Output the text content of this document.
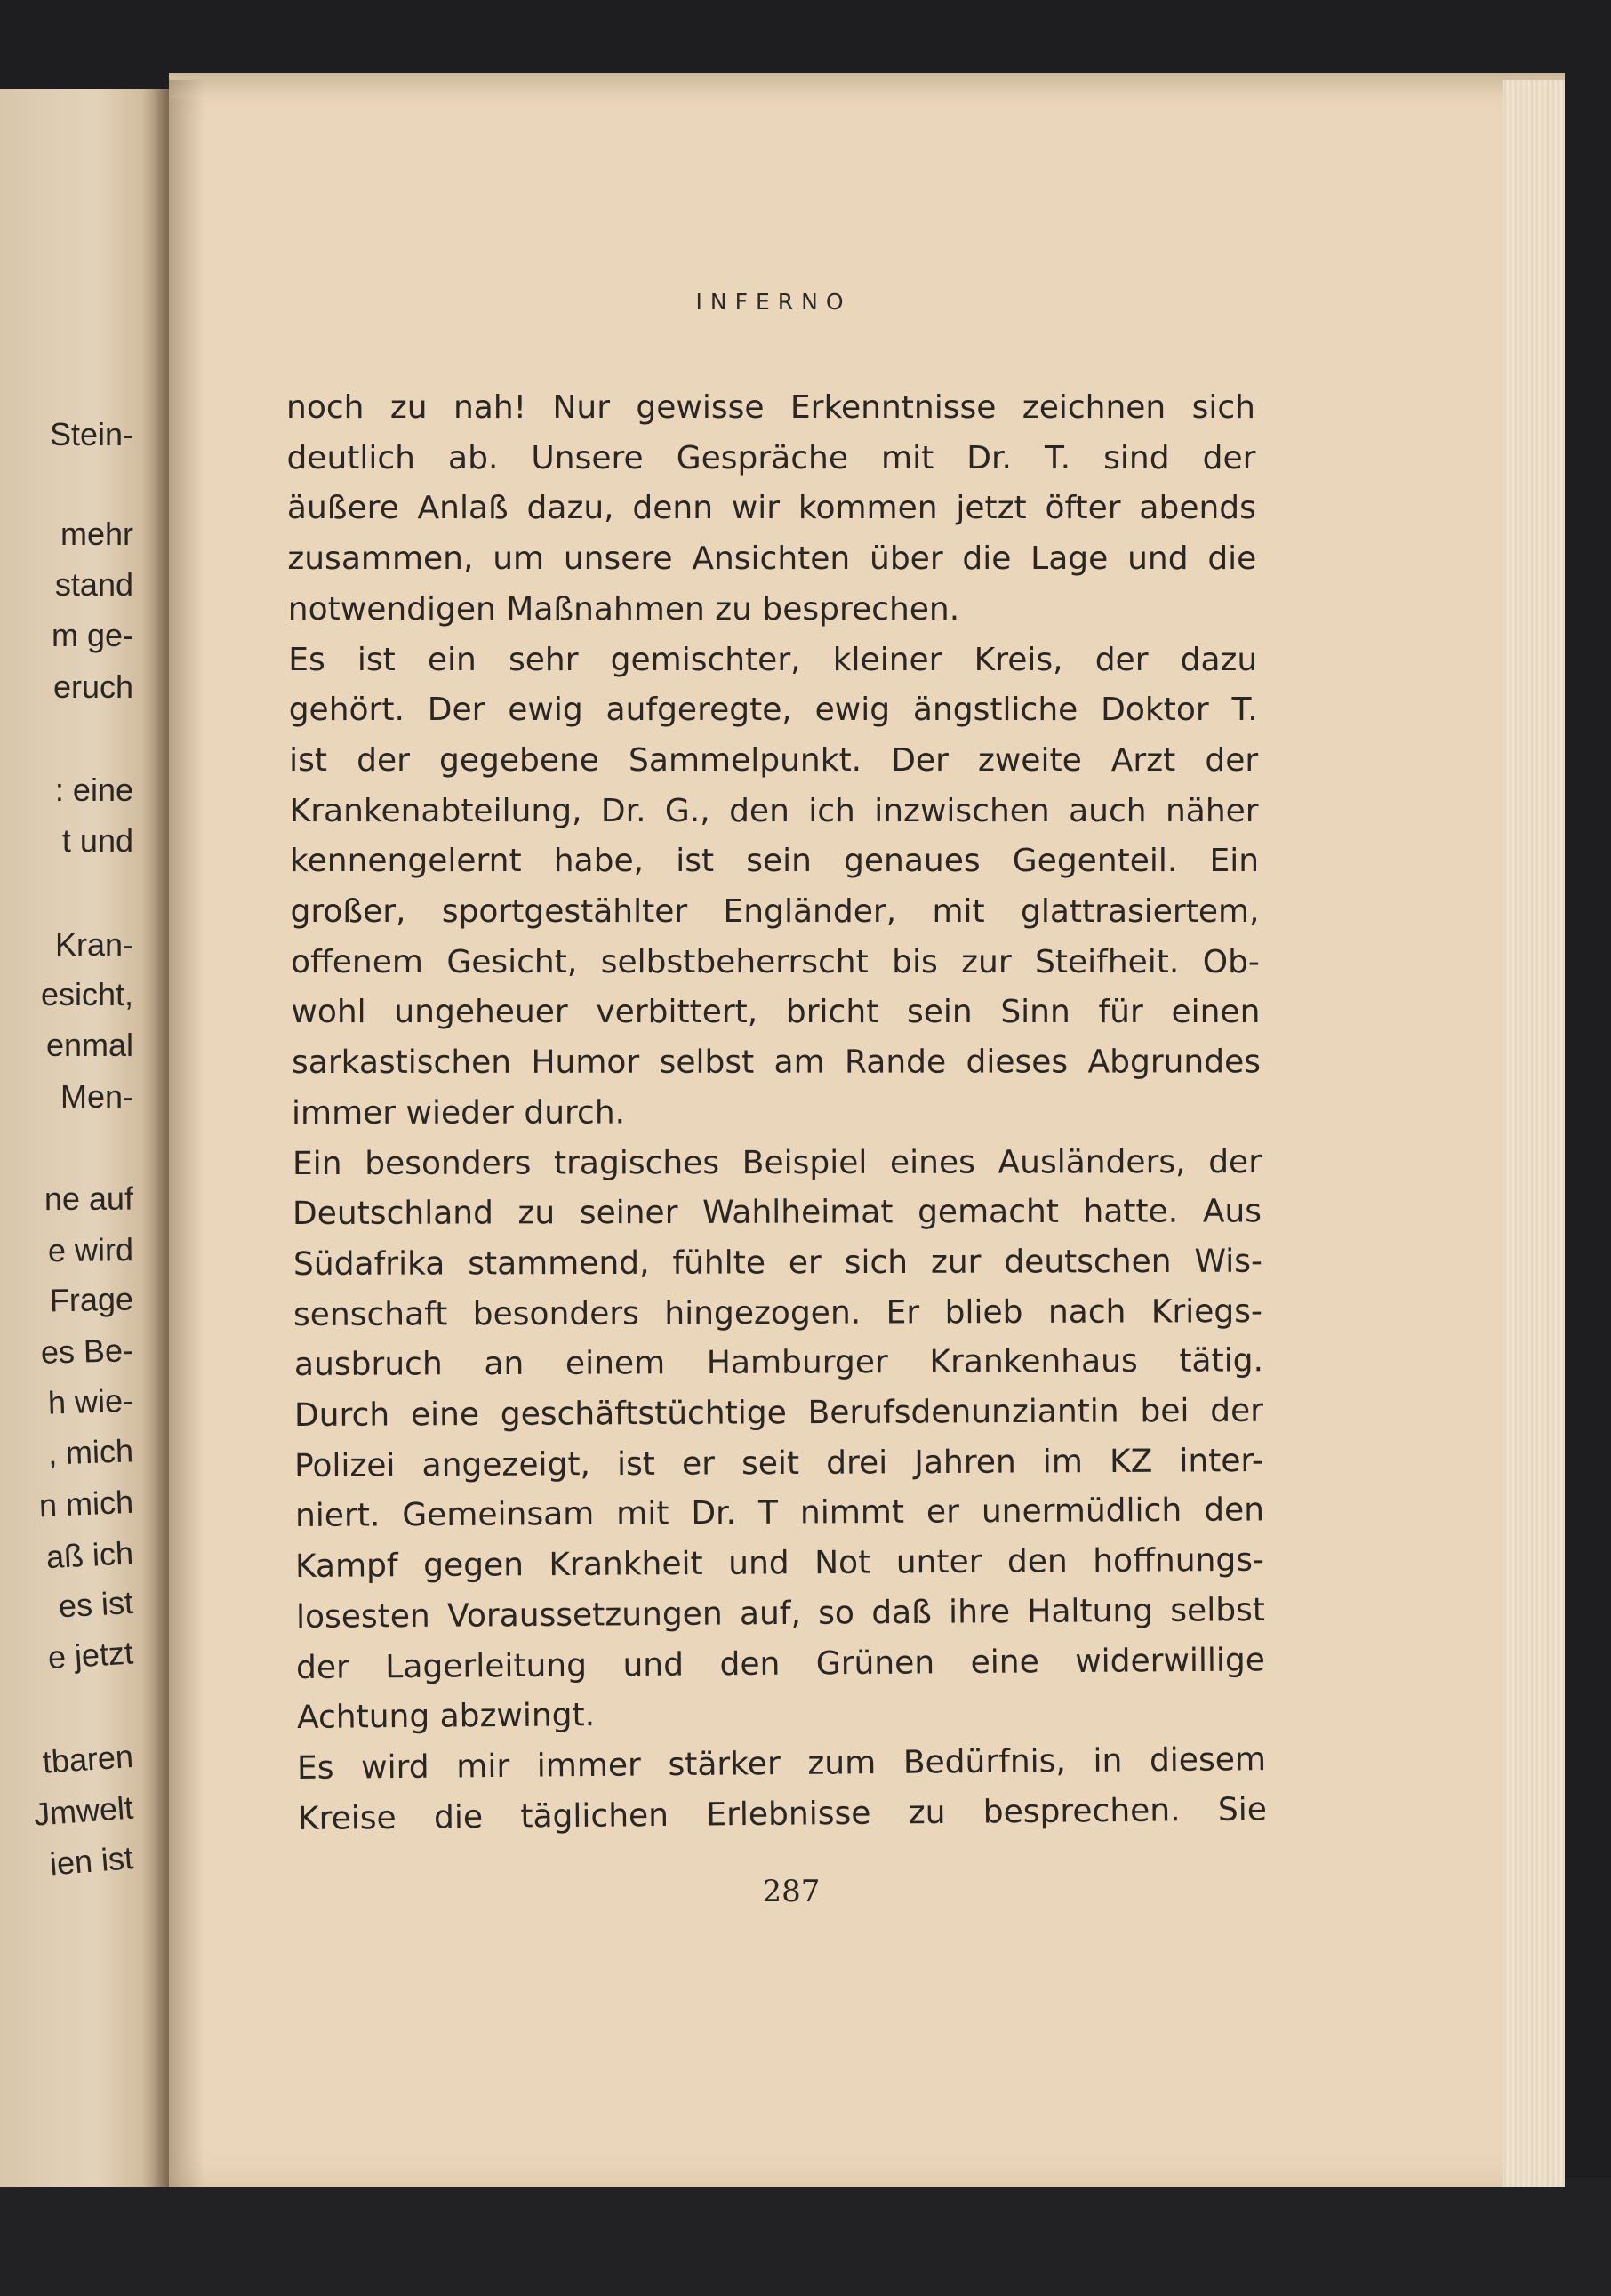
Stein-
mehr
stand
m ge-
eruch
: eine
t und
Kran-
esicht,
enmal
Men-
ne auf
e wird
Frage
es Be-
h wie-
, mich
n mich
aß ich
es ist
e jetzt
tbaren
Jmwelt
ien ist
INFERNO
noch zu nah! Nur gewisse Erkenntnisse zeichnen sich
deutlich ab. Unsere Gespräche mit Dr. T. sind der
äußere Anlaß dazu, denn wir kommen jetzt öfter abends
zusammen, um unsere Ansichten über die Lage und die
notwendigen Maßnahmen zu besprechen.
Es ist ein sehr gemischter, kleiner Kreis, der dazu
gehört. Der ewig aufgeregte, ewig ängstliche Doktor T.
ist der gegebene Sammelpunkt. Der zweite Arzt der
Krankenabteilung, Dr. G., den ich inzwischen auch näher
kennengelernt habe, ist sein genaues Gegenteil. Ein
großer, sportgestählter Engländer, mit glattrasiertem,
offenem Gesicht, selbstbeherrscht bis zur Steifheit. Ob-
wohl ungeheuer verbittert, bricht sein Sinn für einen
sarkastischen Humor selbst am Rande dieses Abgrundes
immer wieder durch.
Ein besonders tragisches Beispiel eines Ausländers, der
Deutschland zu seiner Wahlheimat gemacht hatte. Aus
Südafrika stammend, fühlte er sich zur deutschen Wis-
senschaft besonders hingezogen. Er blieb nach Kriegs-
ausbruch an einem Hamburger Krankenhaus tätig.
Durch eine geschäftstüchtige Berufsdenunziantin bei der
Polizei angezeigt, ist er seit drei Jahren im KZ inter-
niert. Gemeinsam mit Dr. T nimmt er unermüdlich den
Kampf gegen Krankheit und Not unter den hoffnungs-
losesten Voraussetzungen auf, so daß ihre Haltung selbst
der Lagerleitung und den Grünen eine widerwillige
Achtung abzwingt.
Es wird mir immer stärker zum Bedürfnis, in diesem
Kreise die täglichen Erlebnisse zu besprechen. Sie
287
